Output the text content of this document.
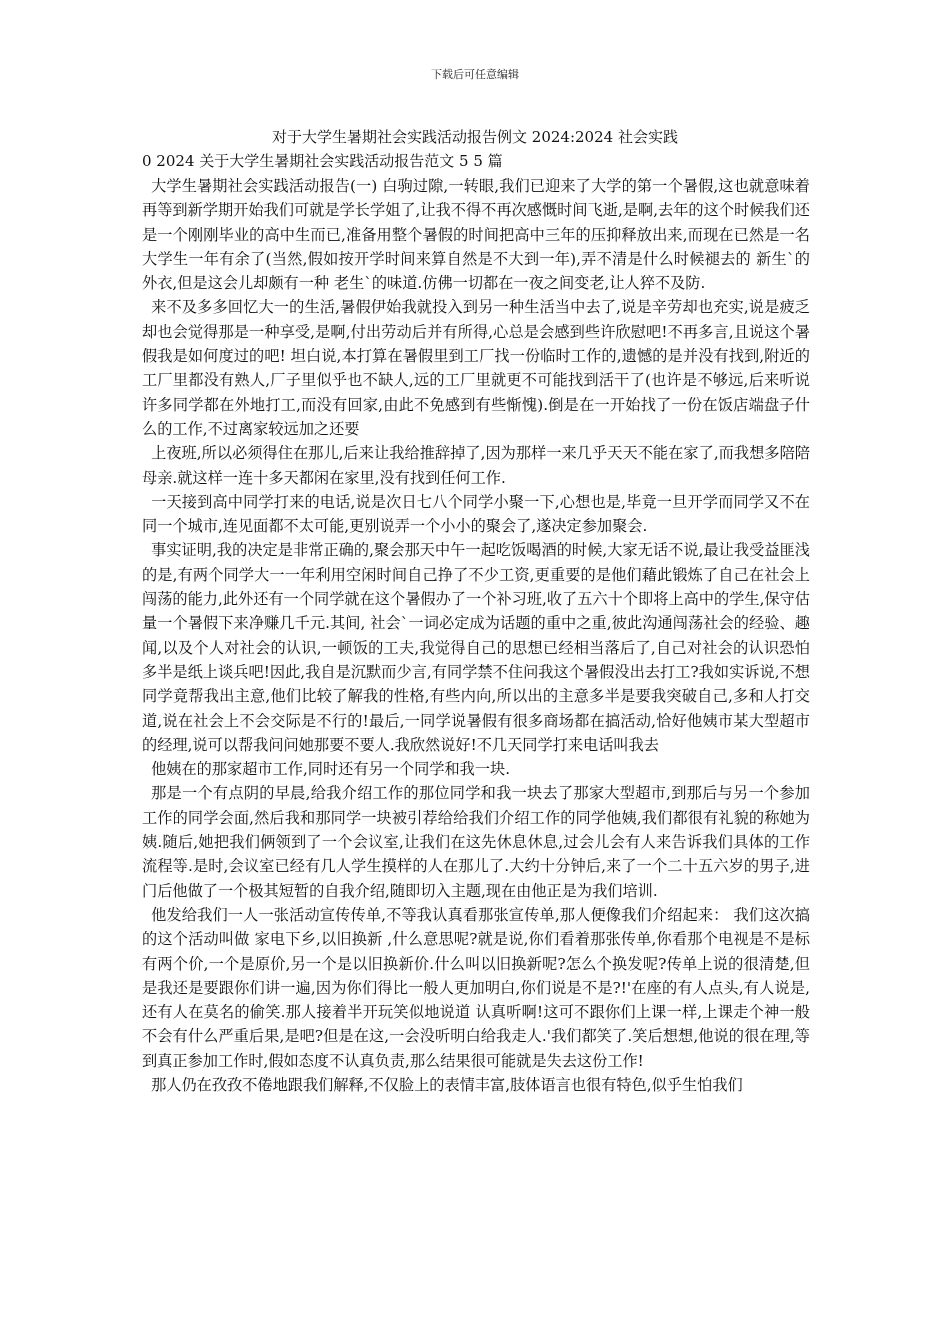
下载后可任意编辑
对于大学生暑期社会实践活动报告例文 2024:2024 社会实践
0 2024 关于大学生暑期社会实践活动报告范文 5 5 篇

大学生暑期社会实践活动报告(一) 白驹过隙,一转眼,我们已迎来了大学的第一个暑假,这也就意味着再等到新学期开始我们可就是学长学姐了,让我不得不再次感慨时间飞逝,是啊,去年的这个时候我们还是一个刚刚毕业的高中生而已,准备用整个暑假的时间把高中三年的压抑释放出来,而现在已然是一名大学生一年有余了(当然,假如按开学时间来算自然是不大到一年),弄不清是什么时候褪去的 新生`的外衣,但是这会儿却颇有一种 老生`的味道.仿佛一切都在一夜之间变老,让人猝不及防.

来不及多多回忆大一的生活,暑假伊始我就投入到另一种生活当中去了,说是辛劳却也充实,说是疲乏却也会觉得那是一种享受,是啊,付出劳动后并有所得,心总是会感到些许欣慰吧!不再多言,且说这个暑假我是如何度过的吧! 坦白说,本打算在暑假里到工厂找一份临时工作的,遗憾的是并没有找到,附近的工厂里都没有熟人,厂子里似乎也不缺人,远的工厂里就更不可能找到活干了(也许是不够远,后来听说许多同学都在外地打工,而没有回家,由此不免感到有些惭愧).倒是在一开始找了一份在饭店端盘子什么的工作,不过离家较远加之还要

上夜班,所以必须得住在那儿,后来让我给推辞掉了,因为那样一来几乎天天不能在家了,而我想多陪陪母亲.就这样一连十多天都闲在家里,没有找到任何工作.

一天接到高中同学打来的电话,说是次日七八个同学小聚一下,心想也是,毕竟一旦开学而同学又不在同一个城市,连见面都不太可能,更别说弄一个小小的聚会了,遂决定参加聚会.

事实证明,我的决定是非常正确的,聚会那天中午一起吃饭喝酒的时候,大家无话不说,最让我受益匪浅的是,有两个同学大一一年利用空闲时间自己挣了不少工资,更重要的是他们藉此锻炼了自己在社会上闯荡的能力,此外还有一个同学就在这个暑假办了一个补习班,收了五六十个即将上高中的学生,保守估量一个暑假下来净赚几千元.其间, 社会`一词必定成为话题的重中之重,彼此沟通闯荡社会的经验、趣闻,以及个人对社会的认识,一顿饭的工夫,我觉得自己的思想已经相当落后了,自己对社会的认识恐怕多半是纸上谈兵吧!因此,我自是沉默而少言,有同学禁不住问我这个暑假没出去打工?我如实诉说,不想同学竟帮我出主意,他们比较了解我的性格,有些内向,所以出的主意多半是要我突破自己,多和人打交道,说在社会上不会交际是不行的!最后,一同学说暑假有很多商场都在搞活动,恰好他姨市某大型超市的经理,说可以帮我问问她那要不要人.我欣然说好!不几天同学打来电话叫我去

他姨在的那家超市工作,同时还有另一个同学和我一块.

那是一个有点阴的早晨,给我介绍工作的那位同学和我一块去了那家大型超市,到那后与另一个参加工作的同学会面,然后我和那同学一块被引荐给给我们介绍工作的同学他姨,我们都很有礼貌的称她为姨.随后,她把我们俩领到了一个会议室,让我们在这先休息休息,过会儿会有人来告诉我们具体的工作流程等.是时,会议室已经有几人学生摸样的人在那儿了.大约十分钟后,来了一个二十五六岁的男子,进门后他做了一个极其短暂的自我介绍,随即切入主题,现在由他正是为我们培训.

他发给我们一人一张活动宣传传单,不等我认真看那张宣传单,那人便像我们介绍起来： 我们这次搞的这个活动叫做 家电下乡,以旧换新 ,什么意思呢?就是说,你们看着那张传单,你看那个电视是不是标有两个价,一个是原价,另一个是以旧换新价.什么叫以旧换新呢?怎么个换发呢?传单上说的很清楚,但是我还是要跟你们讲一遍,因为你们得比一般人更加明白,你们说是不是?!'在座的有人点头,有人说是,还有人在莫名的偷笑.那人接着半开玩笑似地说道 认真听啊!这可不跟你们上课一样,上课走个神一般不会有什么严重后果,是吧?但是在这,一会没听明白给我走人.'我们都笑了.笑后想想,他说的很在理,等到真正参加工作时,假如态度不认真负责,那么结果很可能就是失去这份工作!

那人仍在孜孜不倦地跟我们解释,不仅脸上的表情丰富,肢体语言也很有特色,似乎生怕我们
